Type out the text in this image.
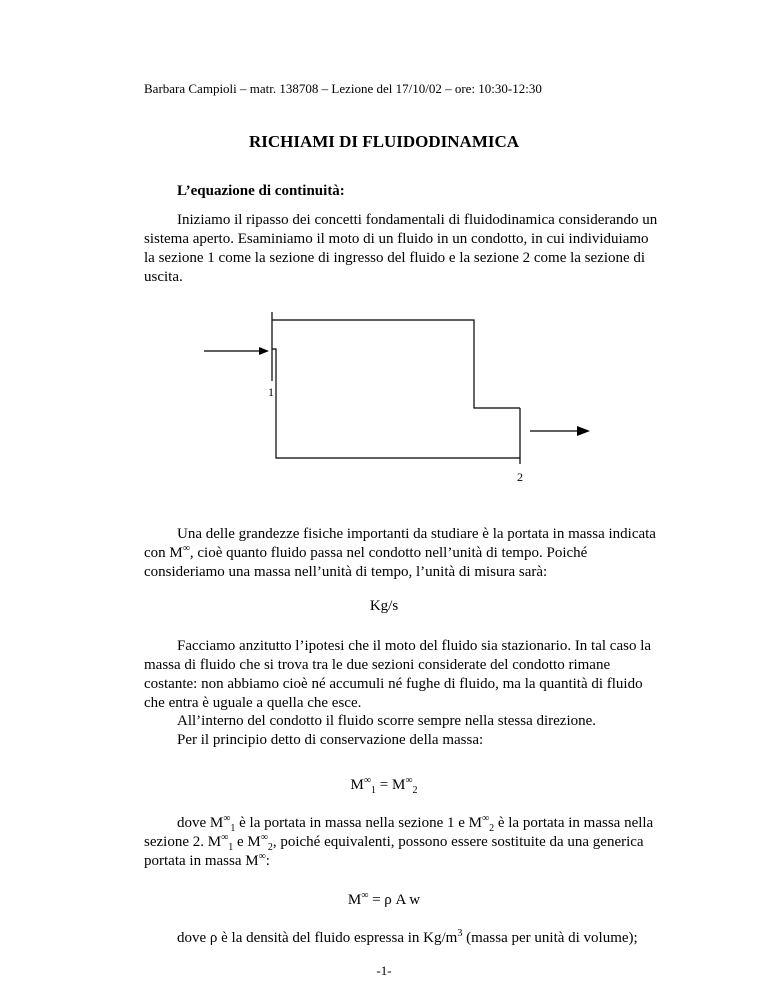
Barbara Campioli – matr. 138708 – Lezione del 17/10/02 – ore: 10:30-12:30
RICHIAMI DI FLUIDODINAMICA
L’equazione di continuità:
Iniziamo il ripasso dei concetti fondamentali di fluidodinamica considerando un sistema aperto. Esaminiamo il moto di un fluido in un condotto, in cui individuiamo la sezione 1 come la sezione di ingresso del fluido e la sezione 2 come la sezione di uscita.
1
2
Una delle grandezze fisiche importanti da studiare è la portata in massa indicata con M∞, cioè quanto fluido passa nel condotto nell’unità di tempo. Poiché consideriamo una massa nell’unità di tempo, l’unità di misura sarà:
Kg/s
Facciamo anzitutto l’ipotesi che il moto del fluido sia stazionario. In tal caso la massa di fluido che si trova tra le due sezioni considerate del condotto rimane costante: non abbiamo cioè né accumuli né fughe di fluido, ma la quantità di fluido che entra è uguale a quella che esce.
All’interno del condotto il fluido scorre sempre nella stessa direzione.
Per il principio detto di conservazione della massa:
$M^\infty_1 = M^\infty_2$
dove $M^\infty_1$ è la portata in massa nella sezione 1 e $M^\infty_2$ è la portata in massa nella sezione 2. $M^\infty_1$ e $M^\infty_2$, poiché equivalenti, possono essere sostituite da una generica portata in massa M∞:
M∞ = ρ A w
dove ρ è la densità del fluido espressa in $Kg/m^3$ (massa per unità di volume);
-1-
